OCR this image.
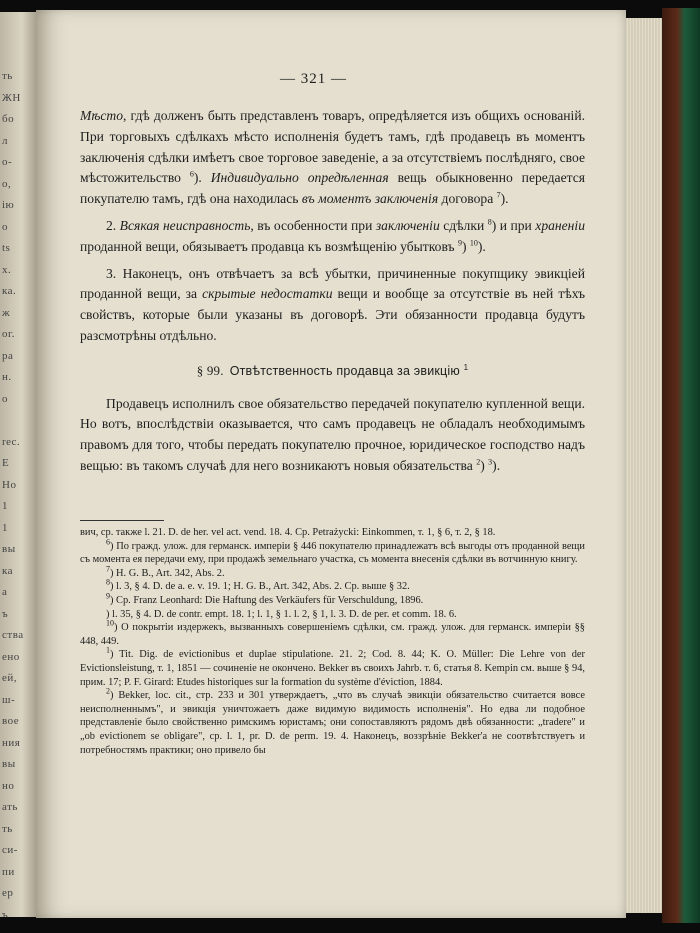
ть
ЖН
бо
л
о-
о,
ію
о
ts
х.
ка.
ж
ог.
ра
н.
о
rec.
E
Но
1
1
вы
ка
a
ъ
ства
ено
ей,
ш-
вое
ния
вы
но
ать
ть
си-
пи
ер
ъ
— 321 —

Мѣсто, гдѣ долженъ быть представленъ товаръ, опредѣляется изъ общихъ основаній. При торговыхъ сдѣлкахъ мѣсто исполненія будетъ тамъ, гдѣ продавецъ въ моментъ заключенія сдѣлки имѣетъ свое торговое заведеніе, а за отсутствіемъ послѣдняго, свое мѣстожительство $^6$). Индивидуально опредѣленная вещь обыкновенно передается покупателю тамъ, гдѣ она находилась въ моментъ заключенія договора $^7$).

2. Всякая неисправность, въ особенности при заключеніи сдѣлки $^8$) и при храненіи проданной вещи, обязываетъ продавца къ возмѣщенію убытковъ $^9$) $^{10}$).

3. Наконецъ, онъ отвѣчаетъ за всѣ убытки, причиненные покупщику эвикціей проданной вещи, за скрытые недостатки вещи и вообще за отсутствіе въ ней тѣхъ свойствъ, которые были указаны въ договорѣ. Эти обязанности продавца будутъ разсмотрѣны отдѣльно.

§ 99. Отвѣтственность продавца за эвикцію $^1$

Продавецъ исполнилъ свое обязательство передачей покупателю купленной вещи. Но вотъ, впослѣдствіи оказывается, что самъ продавецъ не обладалъ необходимымъ правомъ для того, чтобы передать покупателю прочное, юридическое господство надъ вещью: въ такомъ случаѣ для него возникаютъ новыя обязательства $^2$) $^3$).

вич, ср. также l. 21. D. de her. vel act. vend. 18. 4. Ср. Petrażycki: Einkommen, т. 1, § 6, т. 2, § 18.

$^6$) По гражд. улож. для германск. имперіи § 446 покупателю принадлежатъ всѣ выгоды отъ проданной вещи съ момента ея передачи ему, при продажѣ земельнаго участка, съ момента внесенія сдѣлки въ вотчинную книгу.

$^7$) H. G. B., Art. 342, Abs. 2.

$^8$) l. 3, § 4. D. de a. e. v. 19. 1; H. G. B., Art. 342, Abs. 2. Ср. выше § 32.

$^9$) Ср. Franz Leonhard: Die Haftung des Verkäufers für Verschuldung, 1896.

) l. 35, § 4. D. de contr. empt. 18. 1; l. 1, § 1. l. 2, § 1, l. 3. D. de per. et comm. 18. 6.

$^{10}$) О покрытіи издержекъ, вызванныхъ совершеніемъ сдѣлки, см. гражд. улож. для германск. имперіи §§ 448, 449.

$^1$) Tit. Dig. de evictionibus et duplae stipulatione. 21. 2; Cod. 8. 44; K. O. Müller: Die Lehre von der Evictionsleistung, т. 1, 1851 — сочиненіе не оконченo. Bekker въ своихъ Jahrb. т. 6, статья 8. Kempin см. выше § 94, прим. 17; P. F. Girard: Etudes historiques sur la formation du système d'éviction, 1884.

$^2$) Bekker, loc. cit., стр. 233 и 301 утверждаетъ, „что въ случаѣ эвикціи обязательство считается вовсе неисполненнымъ", и эвикція уничтожаетъ даже видимую видимость исполненія". Но едва ли подобное представленіе было свойственно римскимъ юристамъ; они сопоставляютъ рядомъ двѣ обязанности: „tradere" и „ob evictionem se obligare", ср. l. 1, pr. D. de perm. 19. 4. Наконецъ, воззрѣніе Bekker'а не соотвѣтствуетъ и потребностямъ практики; оно привело бы
